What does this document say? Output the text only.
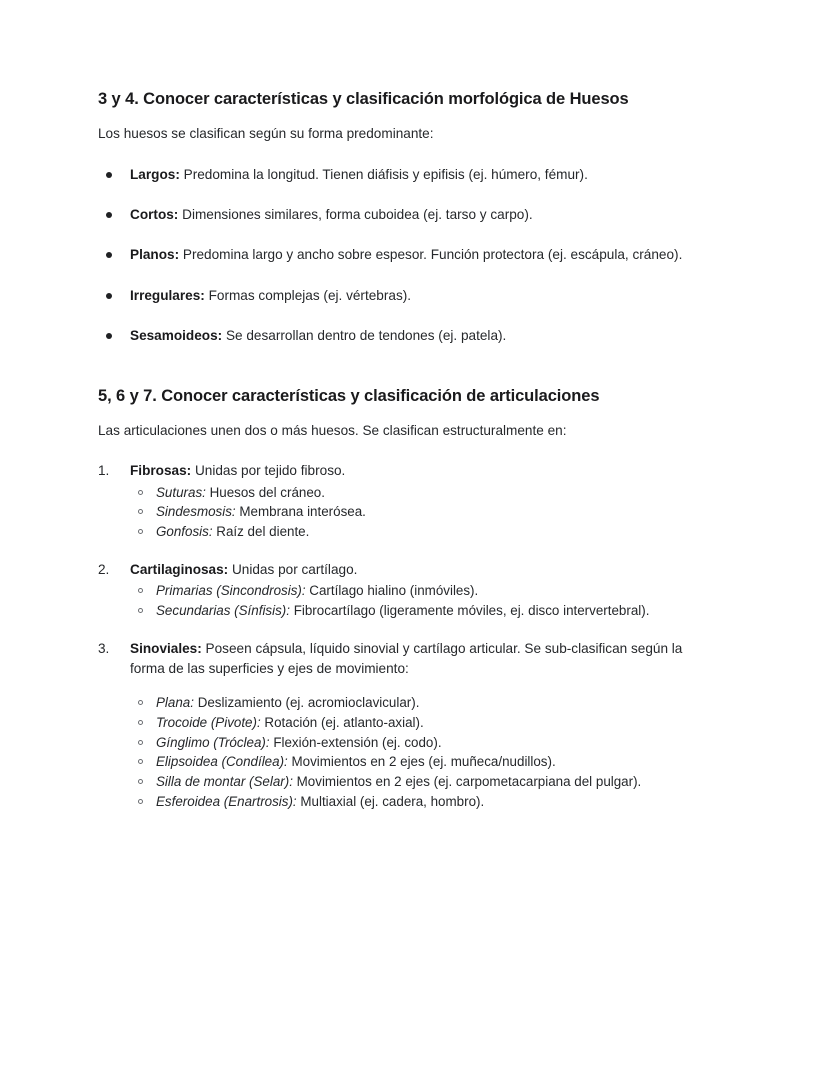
3 y 4. Conocer características y clasificación morfológica de Huesos

Los huesos se clasifican según su forma predominante:

Largos: Predomina la longitud. Tienen diáfisis y epifisis (ej. húmero, fémur).
Cortos: Dimensiones similares, forma cuboidea (ej. tarso y carpo).
Planos: Predomina largo y ancho sobre espesor. Función protectora (ej. escápula, cráneo).
Irregulares: Formas complejas (ej. vértebras).
Sesamoideos: Se desarrollan dentro de tendones (ej. patela).
5, 6 y 7. Conocer características y clasificación de articulaciones

Las articulaciones unen dos o más huesos. Se clasifican estructuralmente en:

1.	Fibrosas: Unidas por tejido fibroso.
Suturas: Huesos del cráneo.
Sindesmosis: Membrana interósea.
Gonfosis: Raíz del diente.
2.	Cartilaginosas: Unidas por cartílago.
Primarias (Sincondrosis): Cartílago hialino (inmóviles).
Secundarias (Sínfisis): Fibrocartílago (ligeramente móviles, ej. disco intervertebral).
3.	Sinoviales: Poseen cápsula, líquido sinovial y cartílago articular. Se sub-clasifican según la forma de las superficies y ejes de movimiento:
Plana: Deslizamiento (ej. acromioclavicular).
Trocoide (Pivote): Rotación (ej. atlanto-axial).
Gínglimo (Tróclea): Flexión-extensión (ej. codo).
Elipsoidea (Condílea): Movimientos en 2 ejes (ej. muñeca/nudillos).
Silla de montar (Selar): Movimientos en 2 ejes (ej. carpometacarpiana del pulgar).
Esferoidea (Enartrosis): Multiaxial (ej. cadera, hombro).
